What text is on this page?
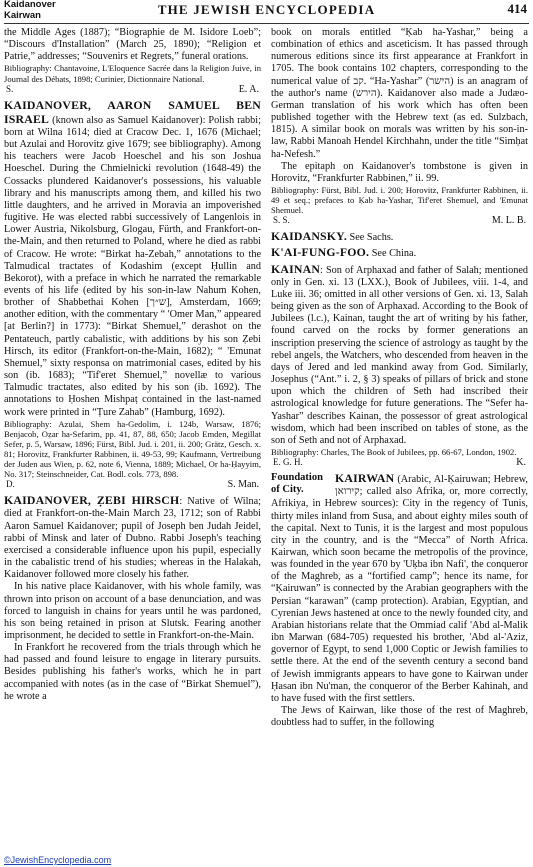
Kaidanover
Kairwan	THE JEWISH ENCYCLOPEDIA	414

the Middle Ages (1887); “Biographie de M. Isidore Loeb”; “Discours d'Installation” (March 25, 1890); “Religion et Patrie,” addresses; “Souvenirs et Regrets,” funeral orations.

Bibliography: Chantavoine, L'Eloquence Sacrée dans la Religion Juive, in Journal des Débats, 1898; Curinier, Dictionnaire National.

S.	E. A.

KAIDANOVER, AARON SAMUEL BEN ISRAEL (known also as Samuel Kaidanover): Polish rabbi; born at Wilna 1614; died at Cracow Dec. 1, 1676 (Michael; but Azulai and Horovitz give 1679; see bibliography). Among his teachers were Jacob Hoeschel and his son Joshua Hoeschel. During the Chmielnicki revolution (1648-49) the Cossacks plundered Kaidanover's possessions, his valuable library and his manuscripts among them, and killed his two little daughters, and he arrived in Moravia an impoverished fugitive. He was elected rabbi successively of Langenlois in Lower Austria, Nikolsburg, Glogau, Fürth, and Frankfort-on-the-Main, and then returned to Poland, where he died as rabbi of Cracow. He wrote: “Birkat ha-Zebah,” annotations to the Talmudical tractates of Kodashim (except Ḥullin and Bekorot), with a preface in which he narrated the remarkable events of his life (edited by his son-in-law Nahum Kohen, brother of Shabbethai Kohen [ש״ך], Amsterdam, 1669; another edition, with the commentary “ 'Omer Man,” appeared [at Berlin?] in 1773): “Birkat Shemuel,” derashot on the Pentateuch, partly cabalistic, with additions by his son Ẓebi Hirsch, its editor (Frankfort-on-the-Main, 1682); “ 'Emunat Shemuel,” sixty responsa on matrimonial cases, edited by his son (ib. 1683); “Tif'eret Shemuel,” novellæ to various Talmudic tractates, also edited by his son (ib. 1692). The annotations to Ḥoshen Mishpaṭ contained in the last-named work were printed in “Ṭure Zahab” (Hamburg, 1692).

Bibliography: Azulai, Shem ha-Gedolim, i. 124b, Warsaw, 1876; Benjacob, Oẓar ha-Sefarim, pp. 41, 87, 88, 650; Jacob Emden, Megillat Sefer, p. 5, Warsaw, 1896; Fürst, Bibl. Jud. i. 201, ii. 200; Grätz, Gesch. x. 81; Horovitz, Frankfurter Rabbinen, ii. 49-53, 99; Kaufmann, Vertreibung der Juden aus Wien, p. 62, note 6, Vienna, 1889; Michael, Or ha-Ḥayyim, No. 317; Steinschneider, Cat. Bodl. cols. 773, 898.

D.	S. Man.

KAIDANOVER, ẒEBI HIRSCH: Native of Wilna; died at Frankfort-on-the-Main March 23, 1712; son of Rabbi Aaron Samuel Kaidanover; pupil of Joseph ben Judah Jeidel, rabbi of Minsk and later of Dubno. Rabbi Joseph's teaching exercised a considerable influence upon his pupil, especially in the cabalistic trend of his studies; whereas in the Halakah, Kaidanover followed more closely his father.

In his native place Kaidanover, with his whole family, was thrown into prison on account of a base denunciation, and was forced to languish in chains for years until he was pardoned, his son being retained in prison at Slutsk. Fearing another imprisonment, he decided to settle in Frankfort-on-the-Main.

In Frankfort he recovered from the trials through which he had passed and found leisure to engage in literary pursuits. Besides publishing his father's works, which he in part accompanied with notes (as in the case of “Birkat Shemuel”), he wrote a

book on morals entitled “Ḳab ha-Yashar,” being a combination of ethics and asceticism. It has passed through numerous editions since its first appearance at Frankfort in 1705. The book contains 102 chapters, corresponding to the numerical value of קב. “Ha-Yashar” (הישר) is an anagram of the author's name (הירש). Kaidanover also made a Judæo-German translation of his work which has often been published together with the Hebrew text (as ed. Sulzbach, 1815). A similar book on morals was written by his son-in-law, Rabbi Manoah Hendel Kirchhahn, under the title “Simḥat ha-Nefesh.”

The epitaph on Kaidanover's tombstone is given in Horovitz, “Frankfurter Rabbinen,” ii. 99.

Bibliography: Fürst, Bibl. Jud. i. 200; Horovitz, Frankfurter Rabbinen, ii. 49 et seq.; prefaces to Ḳab ha-Yashar, Tif'eret Shemuel, and 'Emunat Shemuel.

S. S.	M. L. B.

KAIDANSKY. See Sachs.

K'AI-FUNG-FOO. See China.

KAINAN: Son of Arphaxad and father of Salah; mentioned only in Gen. xi. 13 (LXX.), Book of Jubilees, viii. 1-4, and Luke iii. 36; omitted in all other versions of Gen. xi. 13, Salah being given as the son of Arphaxad. According to the Book of Jubilees (l.c.), Kainan, taught the art of writing by his father, found carved on the rocks by former generations an inscription preserving the science of astrology as taught by the rebel angels, the Watchers, who descended from heaven in the days of Jered and led mankind away from God. Similarly, Josephus (“Ant.” i. 2, § 3) speaks of pillars of brick and stone upon which the children of Seth had inscribed their astrological knowledge for future generations. The “Sefer ha-Yashar” describes Kainan, the possessor of great astrological wisdom, which had been inscribed on tables of stone, as the son of Seth and not of Arphaxad.

Bibliography: Charles, The Book of Jubilees, pp. 66-67, London, 1902.

E. G. H.	K.

Foundation of City.

KAIRWAN (Arabic, Al-Ḳairuwan; Hebrew, קירואן; called also Afrika, or, more correctly, Afrikiya, in Hebrew sources): City in the regency of Tunis, thirty miles inland from Susa, and about eighty miles south of the capital. Next to Tunis, it is the largest and most populous city in the country, and is the “Mecca” of North Africa. Kairwan, which soon became the metropolis of the province, was founded in the year 670 by 'Uḳba ibn Nafi', the conqueror of the Maghreb, as a “fortified camp”; hence its name, for “Ḳairuwan” is connected by the Arabian geographers with the Persian “karawan” (camp protection). Arabian, Egyptian, and Cyrenian Jews hastened at once to the newly founded city, and Arabian historians relate that the Ommiad calif 'Abd al-Malik ibn Marwan (684-705) requested his brother, 'Abd al-'Aziz, governor of Egypt, to send 1,000 Coptic or Jewish families to settle there. At the end of the seventh century a second band of Jewish immigrants appears to have gone to Kairwan under Ḥasan ibn Nu'man, the conqueror of the Berber Kahinah, and to have fused with the first settlers.

The Jews of Kairwan, like those of the rest of Maghreb, doubtless had to suffer, in the following

©JewishEncyclopedia.com
